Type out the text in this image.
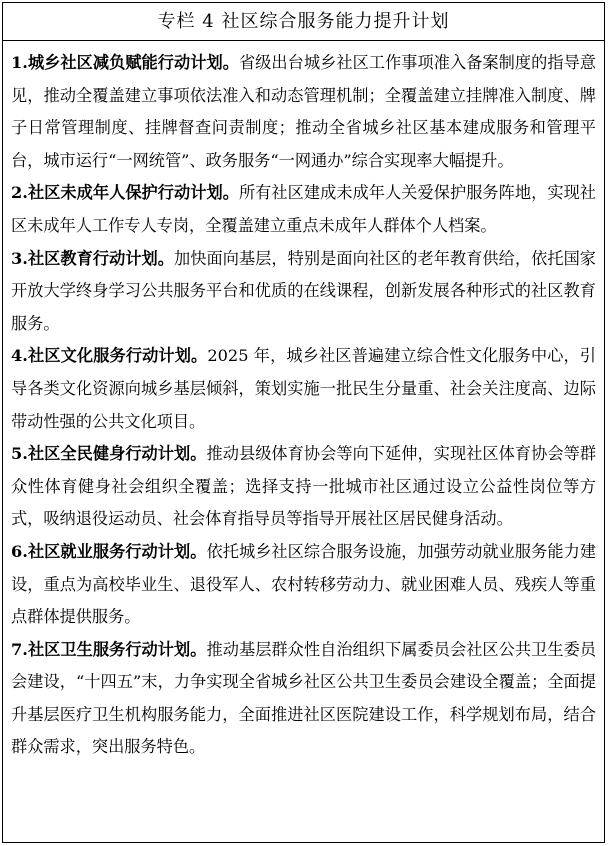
专栏 4 社区综合服务能力提升计划

1.城乡社区减负赋能行动计划。省级出台城乡社区工作事项准入备案制度的指导意见，推动全覆盖建立事项依法准入和动态管理机制；全覆盖建立挂牌准入制度、牌子日常管理制度、挂牌督查问责制度；推动全省城乡社区基本建成服务和管理平台，城市运行“一网统管”、政务服务“一网通办”综合实现率大幅提升。

2.社区未成年人保护行动计划。所有社区建成未成年人关爱保护服务阵地，实现社区未成年人工作专人专岗，全覆盖建立重点未成年人群体个人档案。

3.社区教育行动计划。加快面向基层，特别是面向社区的老年教育供给，依托国家开放大学终身学习公共服务平台和优质的在线课程，创新发展各种形式的社区教育服务。

4.社区文化服务行动计划。2025 年，城乡社区普遍建立综合性文化服务中心，引导各类文化资源向城乡基层倾斜，策划实施一批民生分量重、社会关注度高、边际带动性强的公共文化项目。

5.社区全民健身行动计划。推动县级体育协会等向下延伸，实现社区体育协会等群众性体育健身社会组织全覆盖；选择支持一批城市社区通过设立公益性岗位等方式，吸纳退役运动员、社会体育指导员等指导开展社区居民健身活动。

6.社区就业服务行动计划。依托城乡社区综合服务设施，加强劳动就业服务能力建设，重点为高校毕业生、退役军人、农村转移劳动力、就业困难人员、残疾人等重点群体提供服务。

7.社区卫生服务行动计划。推动基层群众性自治组织下属委员会社区公共卫生委员会建设，“十四五”末，力争实现全省城乡社区公共卫生委员会建设全覆盖；全面提升基层医疗卫生机构服务能力，全面推进社区医院建设工作，科学规划布局，结合群众需求，突出服务特色。
